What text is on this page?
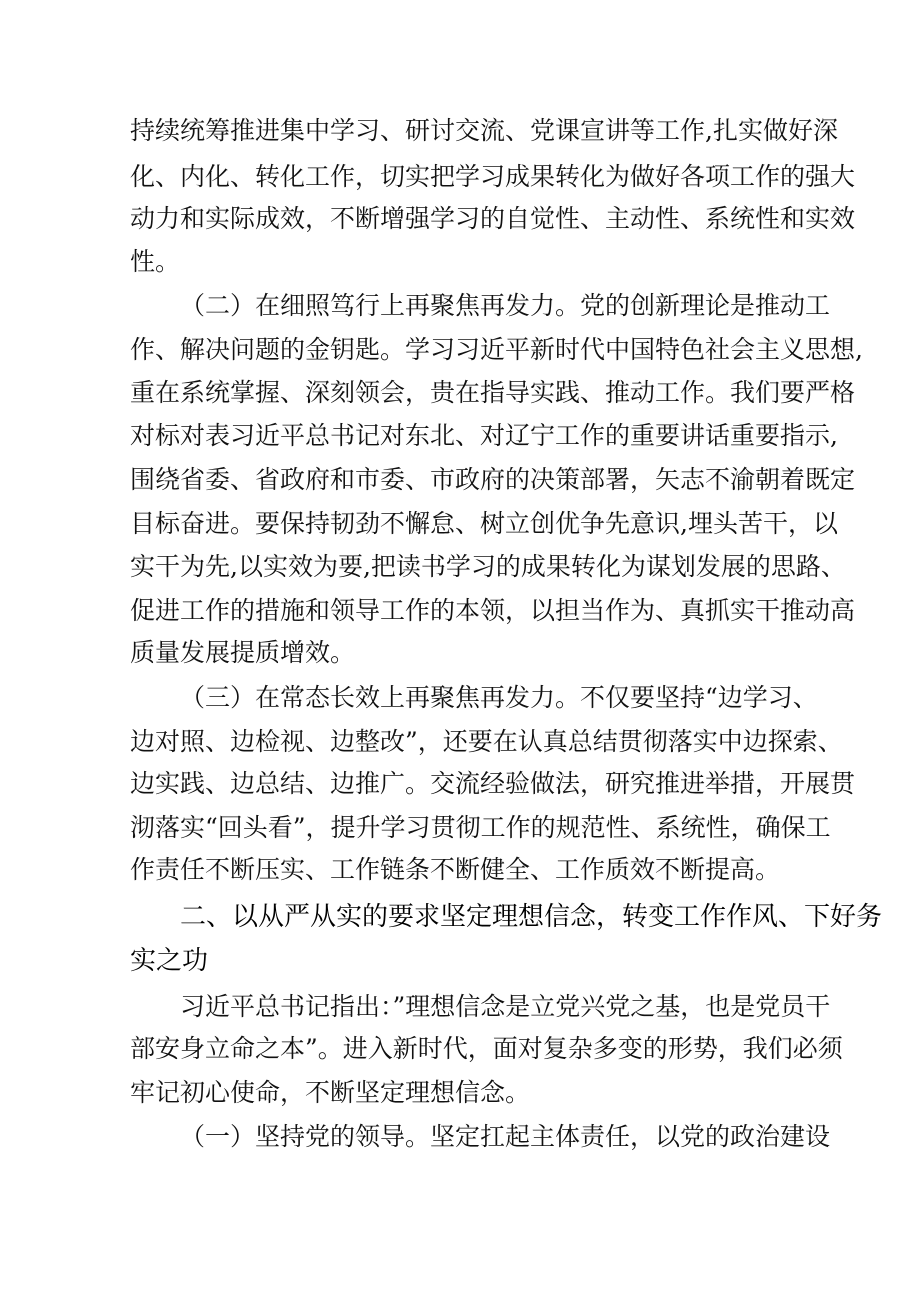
持续统筹推进集中学习、研讨交流、党课宣讲等工作,扎实做好深
化、内化、转化工作，切实把学习成果转化为做好各项工作的强大
动力和实际成效，不断增强学习的自觉性、主动性、系统性和实效
性。
（二）在细照笃行上再聚焦再发力。党的创新理论是推动工
作、解决问题的金钥匙。学习习近平新时代中国特色社会主义思想,
重在系统掌握、深刻领会，贵在指导实践、推动工作。我们要严格
对标对表习近平总书记对东北、对辽宁工作的重要讲话重要指示,
围绕省委、省政府和市委、市政府的决策部署，矢志不渝朝着既定
目标奋进。要保持韧劲不懈怠、树立创优争先意识,埋头苦干，以
实干为先,以实效为要,把读书学习的成果转化为谋划发展的思路、
促进工作的措施和领导工作的本领，以担当作为、真抓实干推动高
质量发展提质增效。
（三）在常态长效上再聚焦再发力。不仅要坚持“边学习、
边对照、边检视、边整改”，还要在认真总结贯彻落实中边探索、
边实践、边总结、边推广。交流经验做法，研究推进举措，开展贯
沏落实“回头看”，提升学习贯彻工作的规范性、系统性，确保工
作责任不断压实、工作链条不断健全、工作质效不断提高。
二、以从严从实的要求坚定理想信念，转变工作作风、下好务
实之功
习近平总书记指出：”理想信念是立党兴党之基，也是党员干
部安身立命之本”。进入新时代，面对复杂多变的形势，我们必须
牢记初心使命，不断坚定理想信念。
（一）坚持党的领导。坚定扛起主体责任，以党的政治建设
